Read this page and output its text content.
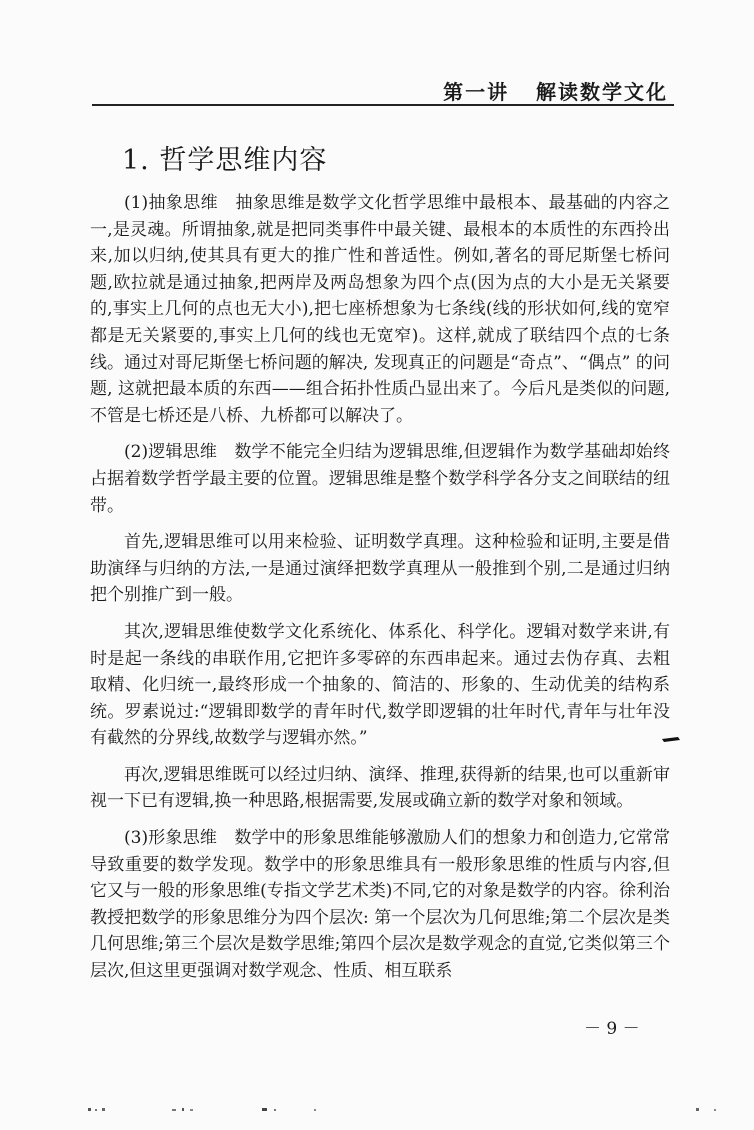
第一讲   解读数学文化
1. 哲学思维内容

(1)抽象思维　抽象思维是数学文化哲学思维中最根本、最基础的内容之一,是灵魂。所谓抽象,就是把同类事件中最关键、最根本的本质性的东西拎出来,加以归纳,使其具有更大的推广性和普适性。例如,著名的哥尼斯堡七桥问题,欧拉就是通过抽象,把两岸及两岛想象为四个点(因为点的大小是无关紧要的,事实上几何的点也无大小),把七座桥想象为七条线(线的形状如何,线的宽窄都是无关紧要的,事实上几何的线也无宽窄)。这样,就成了联结四个点的七条线。通过对哥尼斯堡七桥问题的解决, 发现真正的问题是“奇点”、“偶点” 的问题, 这就把最本质的东西——组合拓扑性质凸显出来了。今后凡是类似的问题,不管是七桥还是八桥、九桥都可以解决了。

(2)逻辑思维　数学不能完全归结为逻辑思维,但逻辑作为数学基础却始终占据着数学哲学最主要的位置。逻辑思维是整个数学科学各分支之间联结的纽带。

首先,逻辑思维可以用来检验、证明数学真理。这种检验和证明,主要是借助演绎与归纳的方法,一是通过演绎把数学真理从一般推到个别,二是通过归纳把个别推广到一般。

其次,逻辑思维使数学文化系统化、体系化、科学化。逻辑对数学来讲,有时是起一条线的串联作用,它把许多零碎的东西串起来。通过去伪存真、去粗取精、化归统一,最终形成一个抽象的、简洁的、形象的、生动优美的结构系统。罗素说过:“逻辑即数学的青年时代,数学即逻辑的壮年时代,青年与壮年没有截然的分界线,故数学与逻辑亦然。”

再次,逻辑思维既可以经过归纳、演绎、推理,获得新的结果,也可以重新审视一下已有逻辑,换一种思路,根据需要,发展或确立新的数学对象和领域。

(3)形象思维　数学中的形象思维能够激励人们的想象力和创造力,它常常导致重要的数学发现。数学中的形象思维具有一般形象思维的性质与内容,但它又与一般的形象思维(专指文学艺术类)不同,它的对象是数学的内容。徐利治教授把数学的形象思维分为四个层次: 第一个层次为几何思维;第二个层次是类几何思维;第三个层次是数学思维;第四个层次是数学观念的直觉,它类似第三个层次,但这里更强调对数学观念、性质、相互联系

－ 9 －
